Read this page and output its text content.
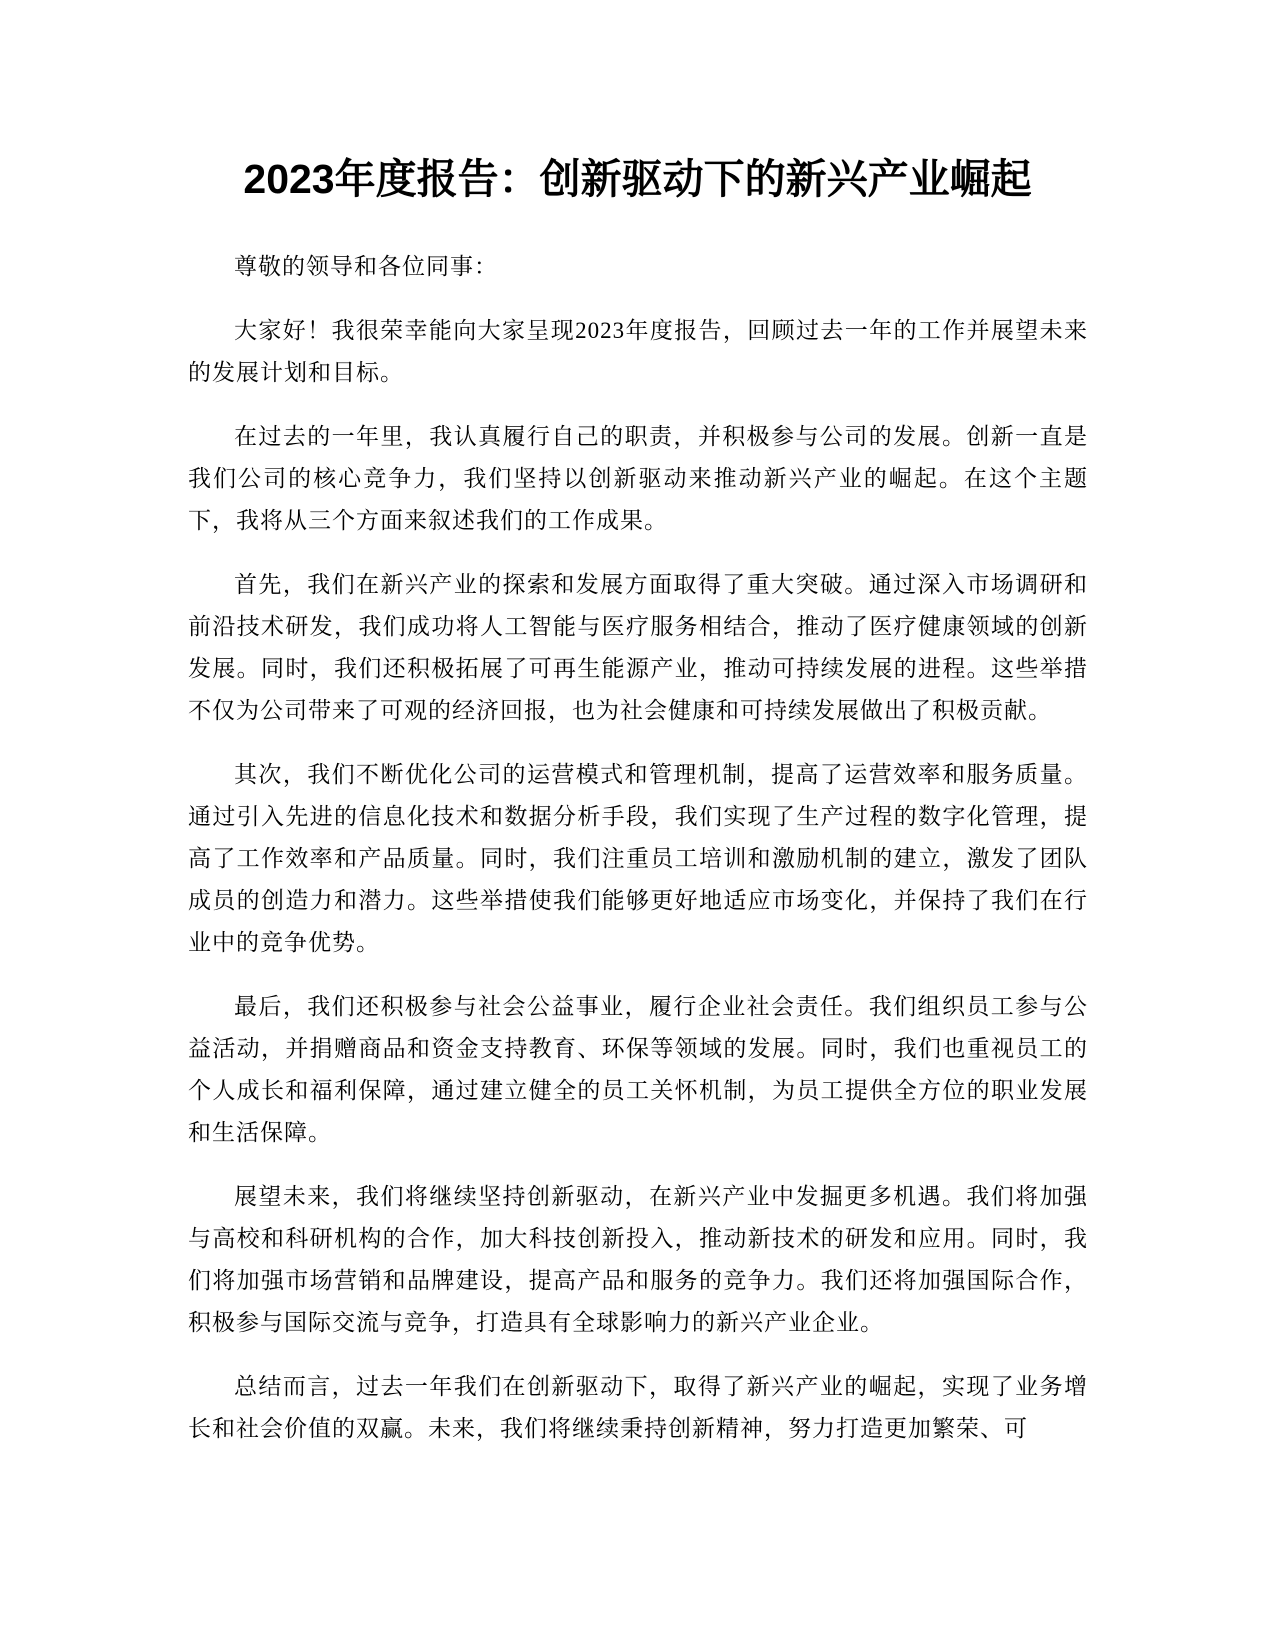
2023年度报告：创新驱动下的新兴产业崛起

尊敬的领导和各位同事：

大家好！我很荣幸能向大家呈现2023年度报告，回顾过去一年的工作并展望未来的发展计划和目标。

在过去的一年里，我认真履行自己的职责，并积极参与公司的发展。创新一直是我们公司的核心竞争力，我们坚持以创新驱动来推动新兴产业的崛起。在这个主题下，我将从三个方面来叙述我们的工作成果。

首先，我们在新兴产业的探索和发展方面取得了重大突破。通过深入市场调研和前沿技术研发，我们成功将人工智能与医疗服务相结合，推动了医疗健康领域的创新发展。同时，我们还积极拓展了可再生能源产业，推动可持续发展的进程。这些举措不仅为公司带来了可观的经济回报，也为社会健康和可持续发展做出了积极贡献。

其次，我们不断优化公司的运营模式和管理机制，提高了运营效率和服务质量。通过引入先进的信息化技术和数据分析手段，我们实现了生产过程的数字化管理，提高了工作效率和产品质量。同时，我们注重员工培训和激励机制的建立，激发了团队成员的创造力和潜力。这些举措使我们能够更好地适应市场变化，并保持了我们在行业中的竞争优势。

最后，我们还积极参与社会公益事业，履行企业社会责任。我们组织员工参与公益活动，并捐赠商品和资金支持教育、环保等领域的发展。同时，我们也重视员工的个人成长和福利保障，通过建立健全的员工关怀机制，为员工提供全方位的职业发展和生活保障。

展望未来，我们将继续坚持创新驱动，在新兴产业中发掘更多机遇。我们将加强与高校和科研机构的合作，加大科技创新投入，推动新技术的研发和应用。同时，我们将加强市场营销和品牌建设，提高产品和服务的竞争力。我们还将加强国际合作，积极参与国际交流与竞争，打造具有全球影响力的新兴产业企业。

总结而言，过去一年我们在创新驱动下，取得了新兴产业的崛起，实现了业务增长和社会价值的双赢。未来，我们将继续秉持创新精神，努力打造更加繁荣、可
